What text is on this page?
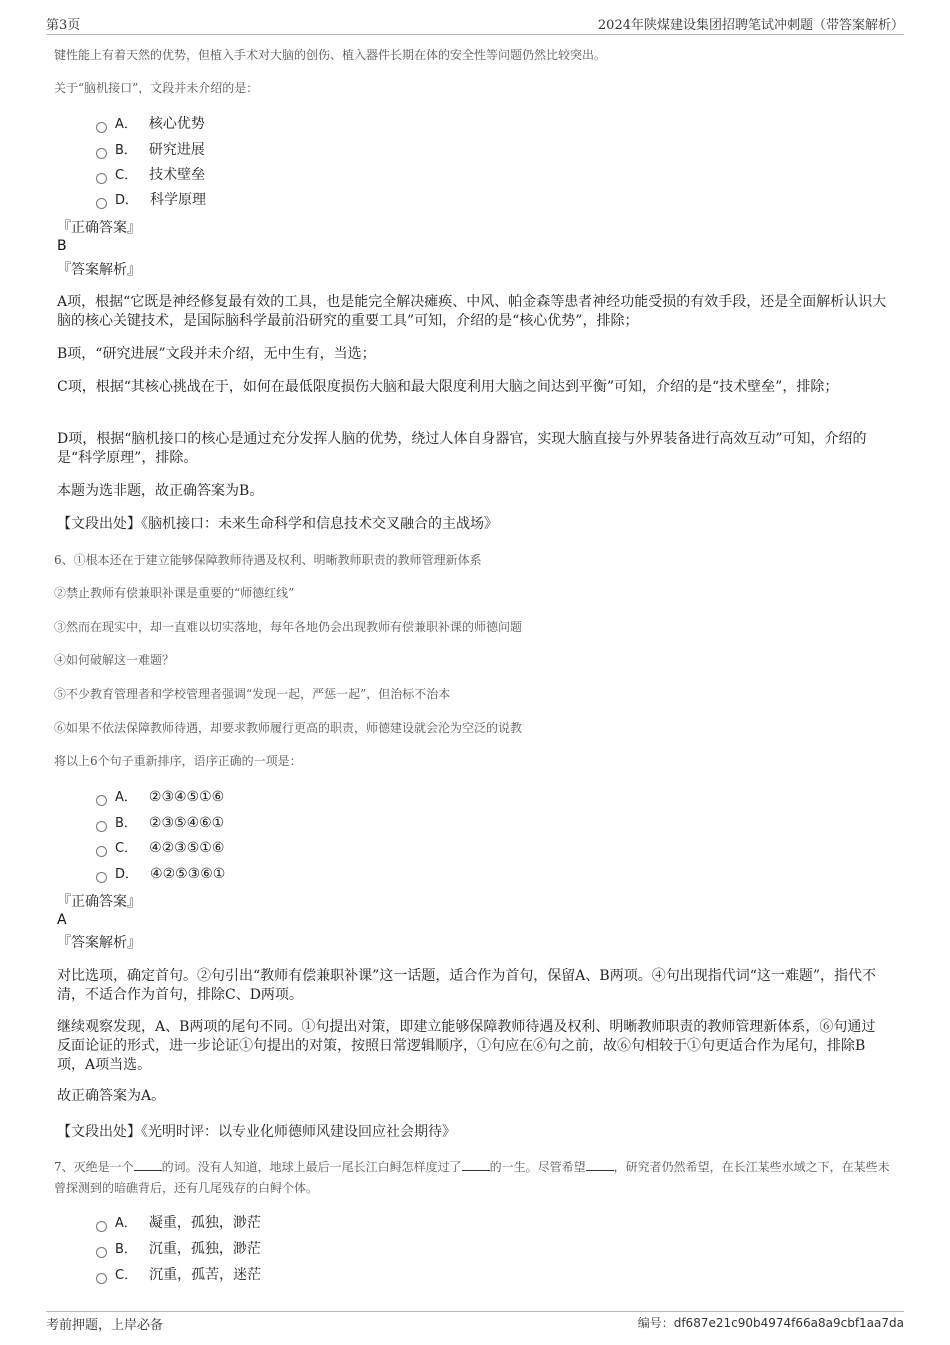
第3页	2024年陕煤建设集团招聘笔试冲刺题（带答案解析）
键性能上有着天然的优势，但植入手术对大脑的创伤、植入器件长期在体的安全性等问题仍然比较突出。
关于“脑机接口”，文段并未介绍的是：
A． 核心优势
B． 研究进展
C． 技术壁垒
D． 科学原理
『正确答案』
B
『答案解析』
A项，根据“它既是神经修复最有效的工具，也是能完全解决瘫痪、中风、帕金森等患者神经功能受损的有效手段，还是全面解析认识大脑的核心关键技术，是国际脑科学最前沿研究的重要工具”可知，介绍的是“核心优势”，排除；
B项，“研究进展”文段并未介绍，无中生有，当选；
C项，根据“其核心挑战在于，如何在最低限度损伤大脑和最大限度利用大脑之间达到平衡”可知，介绍的是“技术壁垒”，排除；
D项，根据“脑机接口的核心是通过充分发挥人脑的优势，绕过人体自身器官，实现大脑直接与外界装备进行高效互动”可知，介绍的是“科学原理”，排除。
本题为选非题，故正确答案为B。
【文段出处】《脑机接口：未来生命科学和信息技术交叉融合的主战场》
6、①根本还在于建立能够保障教师待遇及权利、明晰教师职责的教师管理新体系
②禁止教师有偿兼职补课是重要的“师德红线”
③然而在现实中，却一直难以切实落地，每年各地仍会出现教师有偿兼职补课的师德问题
④如何破解这一难题？
⑤不少教育管理者和学校管理者强调“发现一起，严惩一起”，但治标不治本
⑥如果不依法保障教师待遇，却要求教师履行更高的职责，师德建设就会沦为空泛的说教
将以上6个句子重新排序，语序正确的一项是：
A． ②③④⑤①⑥
B． ②③⑤④⑥①
C． ④②③⑤①⑥
D． ④②⑤③⑥①
『正确答案』
A
『答案解析』
对比选项，确定首句。②句引出“教师有偿兼职补课”这一话题，适合作为首句，保留A、B两项。④句出现指代词“这一难题”，指代不清，不适合作为首句，排除C、D两项。
继续观察发现，A、B两项的尾句不同。①句提出对策，即建立能够保障教师待遇及权利、明晰教师职责的教师管理新体系，⑥句通过反面论证的形式，进一步论证①句提出的对策，按照日常逻辑顺序，①句应在⑥句之前，故⑥句相较于①句更适合作为尾句，排除B项，A项当选。
故正确答案为A。
【文段出处】《光明时评：以专业化师德师风建设回应社会期待》
7、灭绝是一个 的词。没有人知道，地球上最后一尾长江白鲟怎样度过了 的一生。尽管希望 ，研究者仍然希望，在长江某些水域之下，在某些未曾探测到的暗礁背后，还有几尾残存的白鲟个体。
A． 凝重，孤独，渺茫
B． 沉重，孤独，渺茫
C． 沉重，孤苦，迷茫
考前押题，上岸必备	编号：df687e21c90b4974f66a8a9cbf1aa7da
